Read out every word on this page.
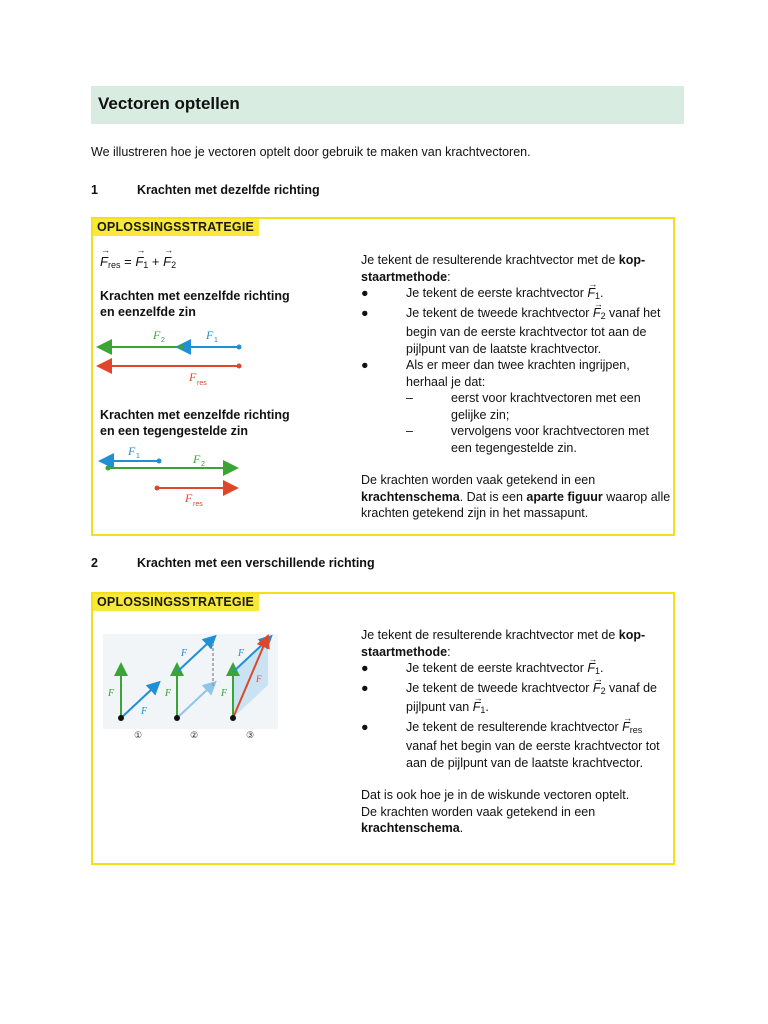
Vectoren optellen
We illustreren hoe je vectoren optelt door gebruik te maken van krachtvectoren.
1	Krachten met dezelfde richting
OPLOSSINGSSTRATEGIE
→ $F_{res}$ = → $F_1$ + → $F_2$
Krachten met eenzelfde richting en eenzelfde zin
F 2	F 1
F res
Krachten met eenzelfde richting en een tegengestelde zin
F 1	F 2
F res

Je tekent de resulterende krachtvector met de kop-staartmethode:

●	Je tekent de eerste krachtvector → $F_1$.
●	Je tekent de tweede krachtvector → $F_2$ vanaf het begin van de eerste krachtvector tot aan de pijlpunt van de laatste krachtvector.
●	Als er meer dan twee krachten ingrijpen, herhaal je dat:
–	eerst voor krachtvectoren met een gelijke zin;
–	vervolgens voor krachtvectoren met een tegengestelde zin.

De krachten worden vaak getekend in een krachtenschema. Dat is een aparte figuur waarop alle krachten getekend zijn in het massapunt.

2	Krachten met een verschillende richting
OPLOSSINGSSTRATEGIE
F
F
F
F
F
F
F
①	②	③

Je tekent de resulterende krachtvector met de kop-staartmethode:

●	Je tekent de eerste krachtvector → $F_1$.
●	Je tekent de tweede krachtvector → $F_2$ vanaf de pijlpunt van → $F_1$.
●	Je tekent de resulterende krachtvector → $F_{res}$ vanaf het begin van de eerste krachtvector tot aan de pijlpunt van de laatste krachtvector.

Dat is ook hoe je in de wiskunde vectoren optelt.

De krachten worden vaak getekend in een krachtenschema.
